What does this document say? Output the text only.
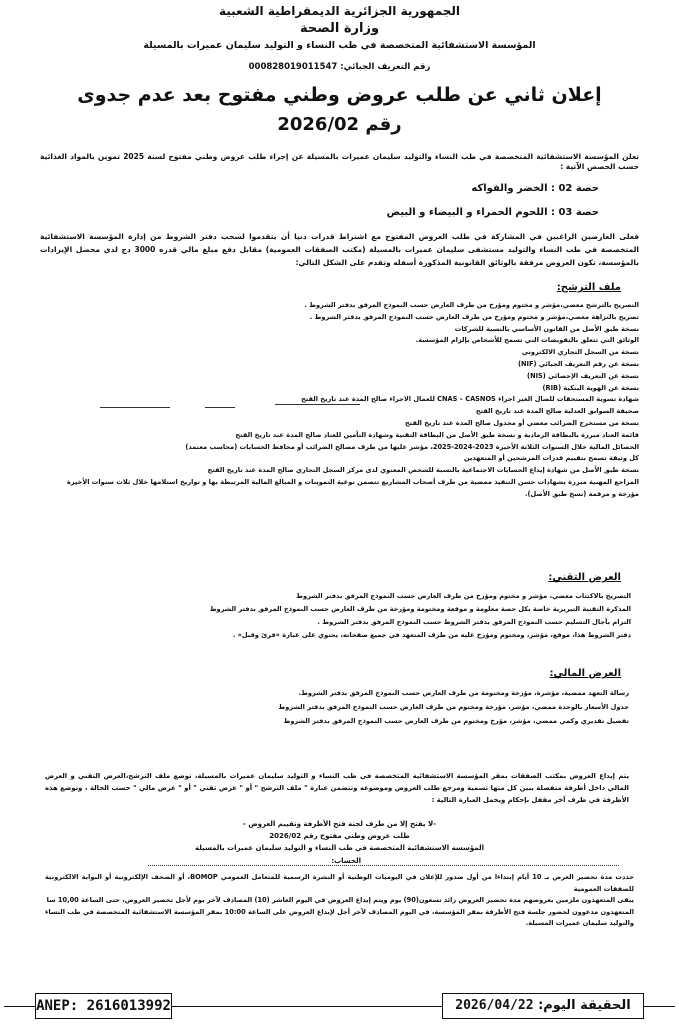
الجمهورية الجزائرية الديمقراطية الشعبية
وزارة الصحة
المؤسسة الاستشفائية المتخصصة في طب النساء و التوليد سليمان عميرات بالمسيلة
رقم التعريف الجبائي: 000828019011547
إعلان ثاني عن طلب عروض وطني مفتوح بعد عدم جدوى
رقم 2026/02

تعلن المؤسسة الاستشفائية المتخصصة في طب النساء والتوليد سليمان عميرات بالمسيلة عن إجراء طلب عروض وطني مفتوح لسنة 2025 تموين بالمواد الغذائية حسب الحصص الآتية :

حصة 02 : الخضر والفواكه
حصة 03 : اللحوم الحمراء و البيضاء و البيض

فعلى العارضين الراغبين في المشاركة في طلب العروض المفتوح مع اشتراط قدرات دنيا أن يتقدموا لسحب دفتر الشروط من إدارة المؤسسة الاستشفائية المتخصصة في طب النساء والتوليد مستشفى سليمان عميرات بالمسيلة (مكتب الصفقات العمومية) مقابل دفع مبلغ مالي قدره 3000 دج لدى محصل الإيرادات بالمؤسسة، تكون العروض مرفقة بالوثائق القانونية المذكورة أسفله وتقدم على الشكل التالي:

ملف الترشح:
التصريح بالترشح معضي،مؤشر و مختوم ومؤرخ من طرف العارض حسب النموذج المرفق بدفتر الشروط .
تصريح بالنزاهة معضي،مؤشر و مختوم ومؤرخ من طرف العارض حسب النموذج المرفق بدفتر الشروط .
نسخة طبق الأصل من القانون الأساسي بالنسبة للشركات
الوثائق التي تتعلق بالتفويضات التي تسمح للأشخاص بإلزام المؤسسة.
نسخة من السجل التجاري الالكتروني
نسخة عن رقم التعريف الجبائي (NIF)
نسخة عن التعريف الإحصائي (NIS)
نسخة عن الهوية البنكية (RIB)
شهادة تسوية المستحقات للصال الغير اجراء CNAS – CASNOS للعمال الاجراء صالح المدة عند تاريخ الفتح
صحيفة السوابق العدلية صالح المدة عند تاريخ الفتح
نسخة من مستخرج الضرائب معضي أو مجدول صالح المدة عند تاريخ الفتح
قائمة العتاد مبررة بالبطاقة الرمادية و نسخة طبق الأصل من البطاقة التقنية وشهادة التأمين للعتاد صالح المدة عند تاريخ الفتح
الحصائل المالية خلال السنوات الثلاثة الأخيرة 2023-2024-2025، مؤشر عليها من طرف مصالح الضرائب أو محافظ الحسابات (محاسب معتمد)
كل وثيقة تسمح بتقييم قدرات المرشحين أو المتعهدين
نسخة طبق الأصل من شهادة إيداع الحسابات الاجتماعية بالنسبة للشخص المعنوي لدى مركز السجل التجاري صالح المدة عند تاريخ الفتح
المراجع المهنية مبررة بشهادات حسن التنفيذ ممضية من طرف أصحاب المشاريع تتضمن نوعية التموينات و المبالغ المالية المرتبطة بها و تواريخ استلامها خلال ثلاث سنوات الأخيرة
مؤرخة و مرقمة (نسخ طبق الأصل).
العرض التقني:
التصريح بالاكتتاب معضي، مؤشر و مختوم ومؤرخ من طرف العارض حسب النموذج المرفق بدفتر الشروط
المذكرة التقنية التبريرية خاصة بكل حصة معلومة و موقعة ومختومة ومؤرخة من طرف العارض حسب النموذج المرفق بدفتر الشروط
التزام بآجال التسليم حسب النموذج المرفق بدفتر الشروط حسب النموذج المرفق بدفتر الشروط .
دفتر الشروط هذا، موقع، مؤشر، ومختوم ومؤرخ عليه من طرف المتعهد في جميع صفحاته، يحتوي على عبارة «قرئ وقبل» .
العرض المالي:
رسالة التعهد ممضية، مؤشرة، مؤرخة ومختومة من طرف العارض حسب النموذج المرفق بدفتر الشروط.
جدول الأسعار بالوحدة ممضي، مؤشر، مؤرخة ومختوم من طرف العارض حسب النموذج المرفق بدفتر الشروط
تفصيل تقديري وكمي ممضي، مؤشر، مؤرخ ومختوم من طرف العارض حسب النموذج المرفق بدفتر الشروط

يتم إيداع العروض بمكتب الصفقات بمقر المؤسسة الاستشفائية المتخصصة في طب النساء و التوليد سليمان عميرات بالمسيلة، توضع ملف الترشح،العرض التقني و العرض المالي داخل أظرفة منفصلة يبين كل منها تسمية ومرجع طلب العروض وموضوعه وتتضمن عبارة " ملف الترشح " أو " عرض تقني " أو " عرض مالي " حسب الحالة ، وتوضع هذه الأظرفة في ظرف آخر مقفل بإحكام ويحمل العبارة التالية :

-لا يفتح إلا من طرف لجنة فتح الأظرفة وتقييم العروض -
طلب عروض وطني مفتوح رقم 2026/02
المؤسسة الاستشفائية المتخصصة في طب النساء و التوليد سليمان عميرات بالمسيلة
الحساب:

حددت مدة تحضير العرض بـ 10 أيام إبتداءا من أول صدور للإعلان في اليوميات الوطنية أو النشرة الرسمية للمتعامل العمومي BOMOP، أو الصحف الإلكترونية أو البوابة الالكترونية للصفقات العمومية

يبقى المتعهدون ملزمين بعروضهم مدة تحضير العروض زائد تسعون(90) يوم ويتم إيداع العروض في اليوم العاشر (10) المصادف لآخر يوم لأجل تحضير العروض، حتى الساعة 10,00 سا

المتعهدون مدعوون لحضور جلسة فتح الأظرفة بمقر المؤسسة، في اليوم المصادف لآخر أجل لإيداع العروض على الساعة 10:00 بمقر المؤسسة الاستشفائية المتخصصة في طب النساء والتوليد سليمان عميرات المسيلة.

ANEP: 2616013992	الحقيقة اليوم: 2026/04/22
